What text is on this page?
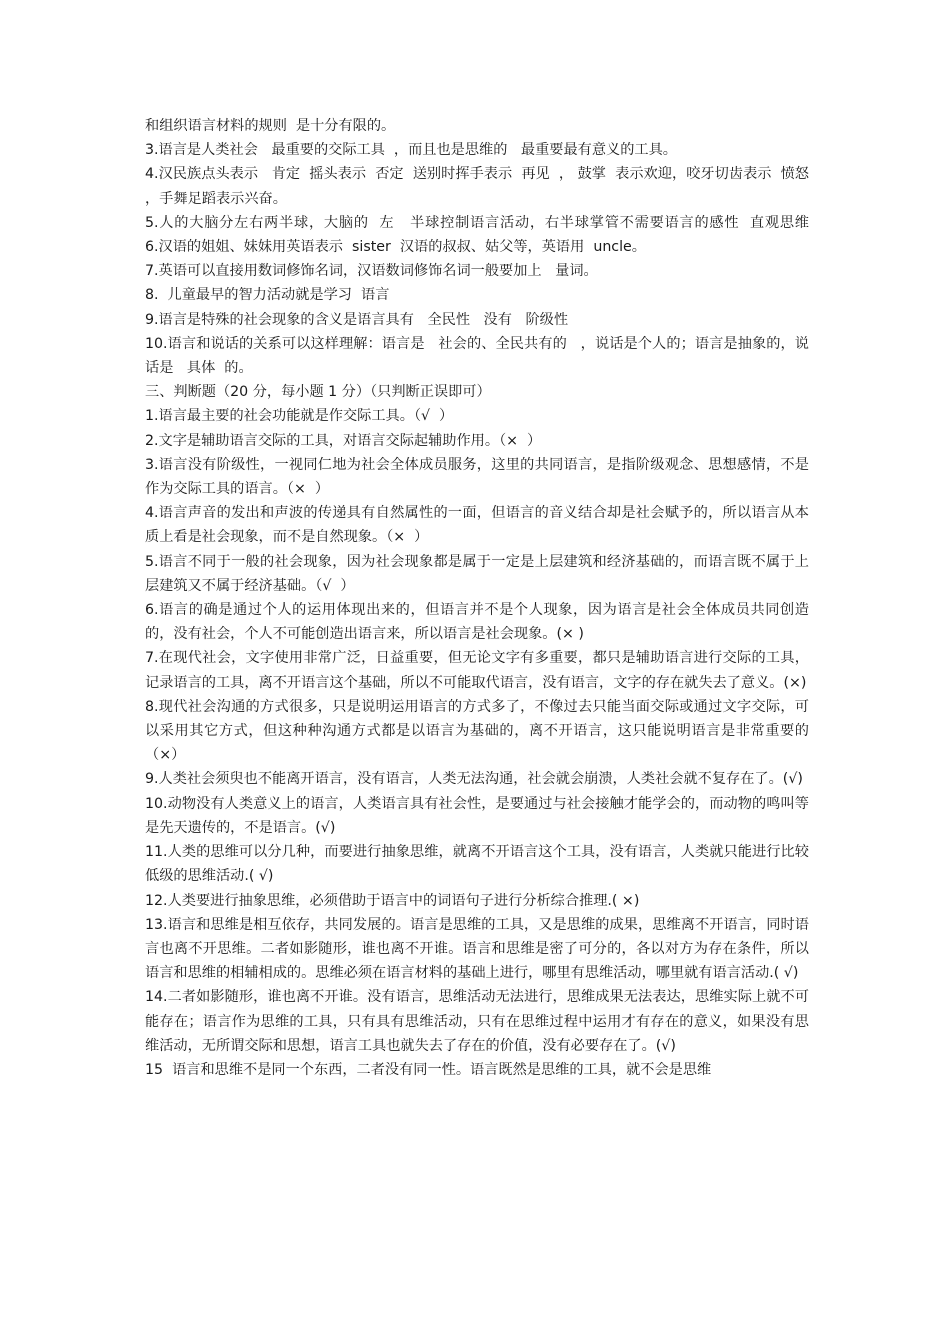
和组织语言材料的规则  是十分有限的。

3.语言是人类社会   最重要的交际工具  ，而且也是思维的   最重要最有意义的工具。

4.汉民族点头表示   肯定  摇头表示  否定  送别时挥手表示  再见  ， 鼓掌  表示欢迎，咬牙切齿表示  愤怒  ，手舞足蹈表示兴奋。

5.人的大脑分左右两半球，大脑的  左   半球控制语言活动，右半球掌管不需要语言的感性  直观思维        6.汉语的姐姐、妹妹用英语表示  sister  汉语的叔叔、姑父等，英语用  uncle。

7.英语可以直接用数词修饰名词，汉语数词修饰名词一般要加上   量词。

8.  儿童最早的智力活动就是学习  语言

9.语言是特殊的社会现象的含义是语言具有   全民性   没有   阶级性

10.语言和说话的关系可以这样理解：语言是   社会的、全民共有的   ，说话是个人的；语言是抽象的，说话是   具体  的。

三、判断题（20 分，每小题 1 分）（只判断正误即可）

1.语言最主要的社会功能就是作交际工具。（√  ）

2.文字是辅助语言交际的工具，对语言交际起辅助作用。（×  ）

3.语言没有阶级性，一视同仁地为社会全体成员服务，这里的共同语言，是指阶级观念、思想感情，不是作为交际工具的语言。（×  ）

4.语言声音的发出和声波的传递具有自然属性的一面，但语言的音义结合却是社会赋予的，所以语言从本质上看是社会现象，而不是自然现象。（×  ）

5.语言不同于一般的社会现象，因为社会现象都是属于一定是上层建筑和经济基础的，而语言既不属于上层建筑又不属于经济基础。（√  ）

6.语言的确是通过个人的运用体现出来的，但语言并不是个人现象，因为语言是社会全体成员共同创造的，没有社会，个人不可能创造出语言来，所以语言是社会现象。(× )

7.在现代社会，文字使用非常广泛，日益重要，但无论文字有多重要，都只是辅助语言进行交际的工具，记录语言的工具，离不开语言这个基础，所以不可能取代语言，没有语言，文字的存在就失去了意义。(×)

8.现代社会沟通的方式很多，只是说明运用语言的方式多了，不像过去只能当面交际或通过文字交际，可以采用其它方式，但这种种沟通方式都是以语言为基础的，离不开语言，这只能说明语言是非常重要的（×）

9.人类社会须臾也不能离开语言，没有语言，人类无法沟通，社会就会崩溃，人类社会就不复存在了。(√)

10.动物没有人类意义上的语言，人类语言具有社会性，是要通过与社会接触才能学会的，而动物的鸣叫等是先天遗传的，不是语言。(√)

11.人类的思维可以分几种，而要进行抽象思维，就离不开语言这个工具，没有语言，人类就只能进行比较低级的思维活动.( √)

12.人类要进行抽象思维，必须借助于语言中的词语句子进行分析综合推理.( ×)

13.语言和思维是相互依存，共同发展的。语言是思维的工具，又是思维的成果，思维离不开语言，同时语言也离不开思维。二者如影随形，谁也离不开谁。语言和思维是密了可分的，各以对方为存在条件，所以语言和思维的相辅相成的。思维必须在语言材料的基础上进行，哪里有思维活动，哪里就有语言活动.( √)

14.二者如影随形，谁也离不开谁。没有语言，思维活动无法进行，思维成果无法表达，思维实际上就不可能存在；语言作为思维的工具，只有具有思维活动，只有在思维过程中运用才有存在的意义，如果没有思维活动，无所谓交际和思想，语言工具也就失去了存在的价值，没有必要存在了。(√)

15  语言和思维不是同一个东西，二者没有同一性。语言既然是思维的工具，就不会是思维
